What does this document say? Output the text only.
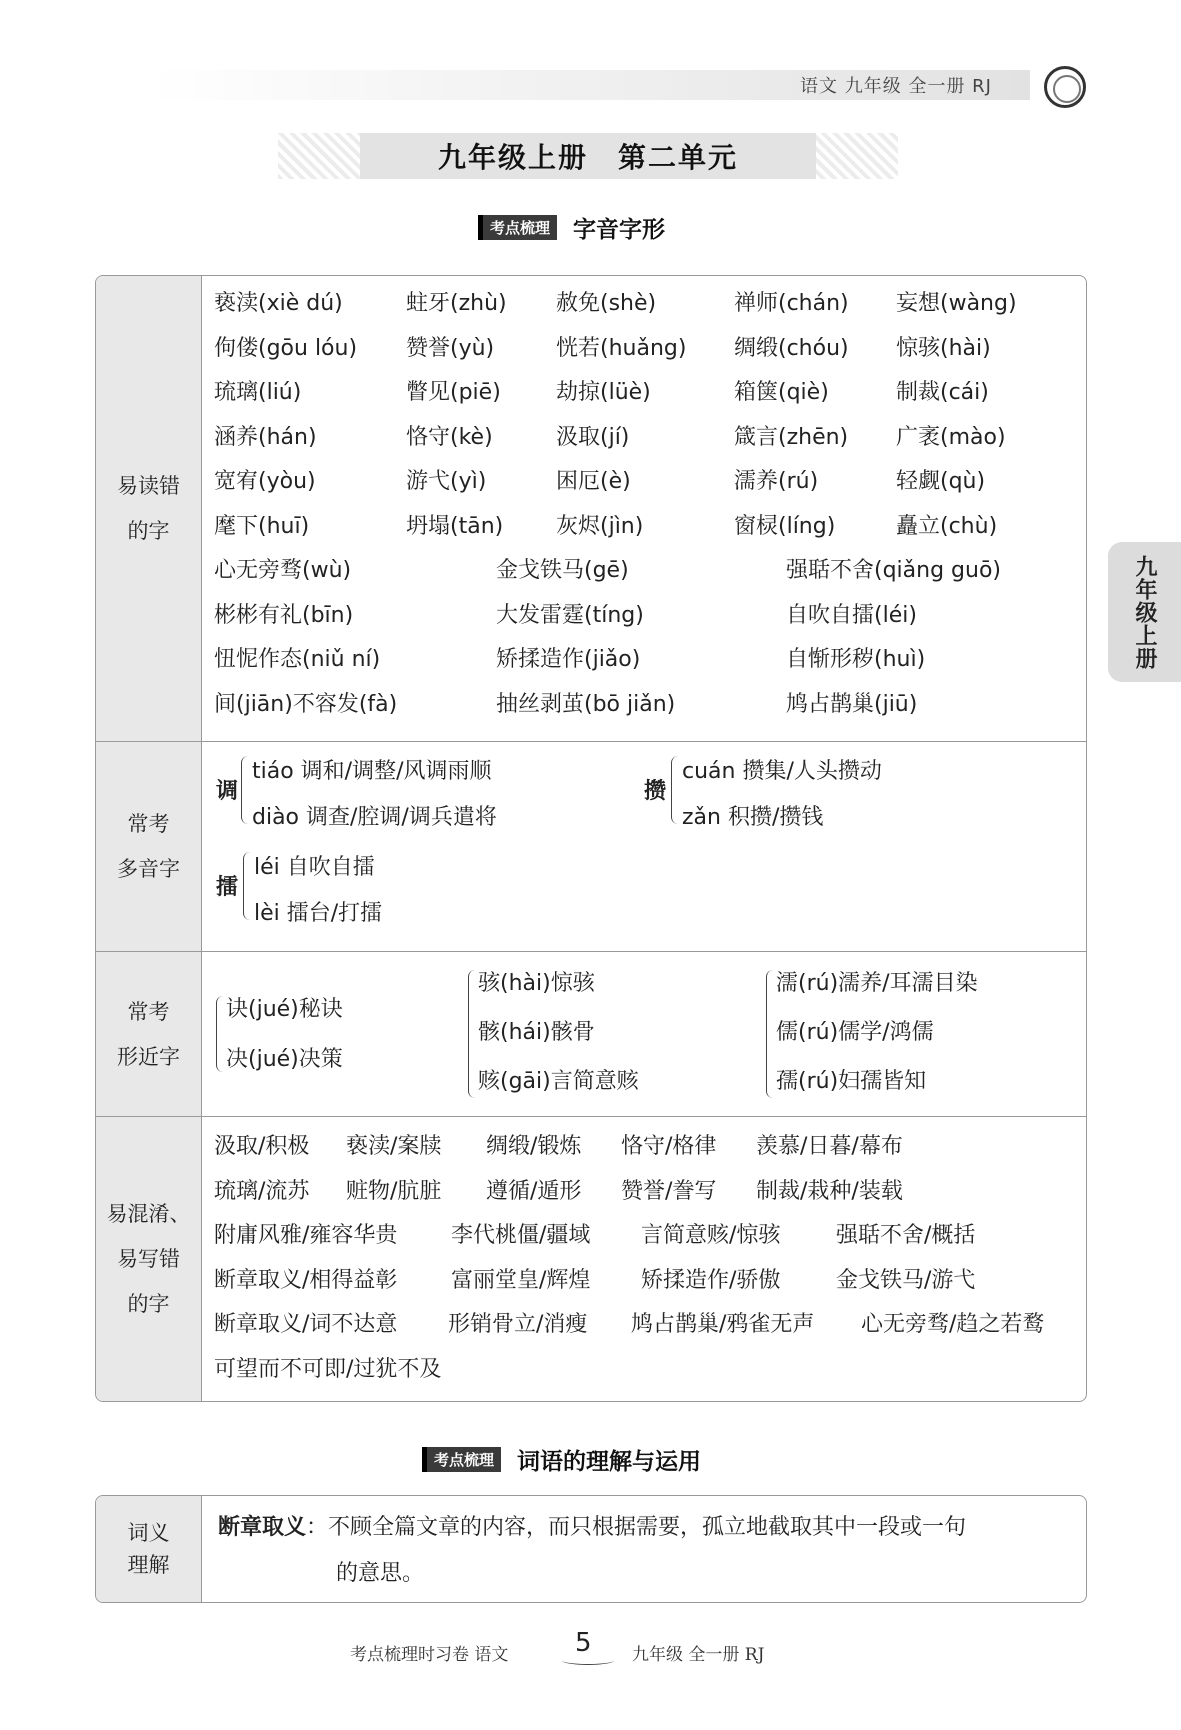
语文 九年级 全一册 RJ
九年级上册　第二单元
九年级上册
考点梳理	字音字形
易读错
的字
亵渎(xiè dú)	蛀牙(zhù) 赦免(shè)	禅师(chán) 妄想(wàng)
佝偻(gōu lóu) 赞誉(yù)	恍若(huǎng) 绸缎(chóu) 惊骇(hài)
琉璃(liú)	瞥见(piē)	劫掠(lüè)	箱箧(qiè)	制裁(cái)
涵养(hán)	恪守(kè)	汲取(jí)	箴言(zhēn) 广袤(mào)
宽宥(yòu)	游弋(yì)	困厄(è)	濡养(rú)	轻觑(qù)
麾下(huī)	坍塌(tān) 灰烬(jìn)	窗棂(líng)	矗立(chù)
心无旁骛(wù)	金戈铁马(gē)	强聒不舍(qiǎng guō)
彬彬有礼(bīn)	大发雷霆(tíng)	自吹自擂(léi)
忸怩作态(niǔ ní)	矫揉造作(jiǎo)	自惭形秽(huì)
间(jiān)不容发(fà)	抽丝剥茧(bō jiǎn)	鸠占鹊巢(jiū)
常考
多音字
调
tiáo 调和/调整/风调雨顺
diào 调查/腔调/调兵遣将
攒
cuán 攒集/人头攒动
zǎn 积攒/攒钱
擂
léi 自吹自擂
lèi 擂台/打擂
常考
形近字
诀(jué)秘诀
决(jué)决策
骇(hài)惊骇
骸(hái)骸骨
赅(gāi)言简意赅
濡(rú)濡养/耳濡目染
儒(rú)儒学/鸿儒
孺(rú)妇孺皆知
易混淆、
易写错
的字
汲取/积极 亵渎/案牍 绸缎/锻炼 恪守/格律 羡慕/日暮/幕布
琉璃/流苏 赃物/肮脏 遵循/遁形 赞誉/誊写 制裁/栽种/装载
附庸风雅/雍容华贵 李代桃僵/疆域 言简意赅/惊骇	强聒不舍/概括
断章取义/相得益彰 富丽堂皇/辉煌 矫揉造作/骄傲	金戈铁马/游弋
断章取义/词不达意 形销骨立/消瘦 鸠占鹊巢/鸦雀无声 心无旁骛/趋之若鹜
可望而不可即/过犹不及
考点梳理	词语的理解与运用
词义
理解
断章取义：不顾全篇文章的内容，而只根据需要，孤立地截取其中一段或一句
的意思。
考点梳理时习卷 语文	5 九年级 全一册 RJ
